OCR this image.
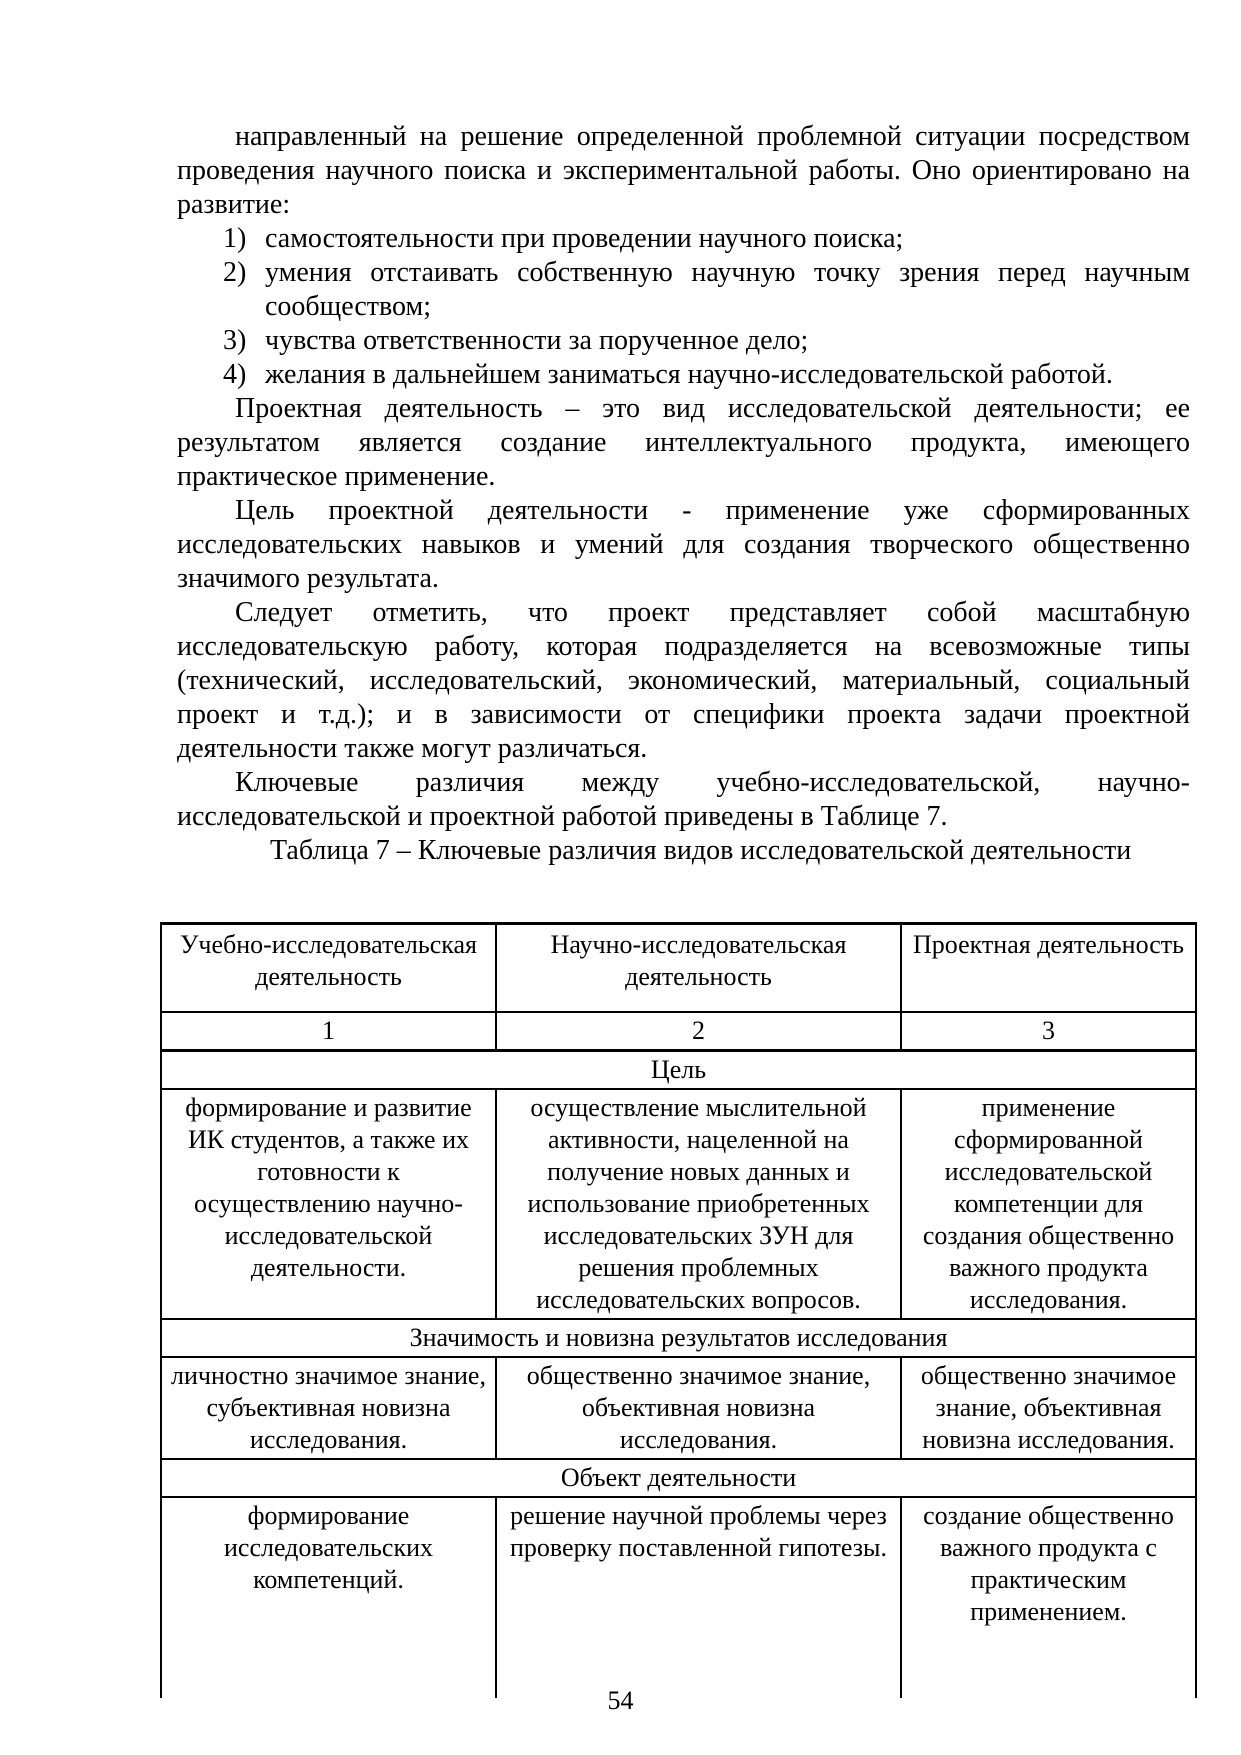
направленный на решение определенной проблемной ситуации посредством проведения научного поиска и экспериментальной работы. Оно ориентировано на развитие:

1) самостоятельности при проведении научного поиска;
2) умения отстаивать собственную научную точку зрения перед научным сообществом;
3) чувства ответственности за порученное дело;
4) желания в дальнейшем заниматься научно-исследовательской работой.

Проектная деятельность – это вид исследовательской деятельности; ее результатом является создание интеллектуального продукта, имеющего практическое применение.

Цель проектной деятельности - применение уже сформированных исследовательских навыков и умений для создания творческого общественно значимого результата.

Следует отметить, что проект представляет собой масштабную исследовательскую работу, которая подразделяется на всевозможные типы (технический, исследовательский, экономический, материальный, социальный проект и т.д.); и в зависимости от специфики проекта задачи проектной деятельности также могут различаться.

Ключевые различия между учебно-исследовательской, научно-исследовательской и проектной работой приведены в Таблице 7.

Таблица 7 – Ключевые различия видов исследовательской деятельности

Учебно-исследовательская деятельность	Научно-исследовательская деятельность	Проектная деятельность
1	2	3
Цель		
формирование и развитие ИК студентов, а также их готовности к осуществлению научно-исследовательской деятельности.	осуществление мыслительной активности, нацеленной на получение новых данных и использование приобретенных исследовательских ЗУН для решения проблемных исследовательских вопросов.	применение сформированной исследовательской компетенции для создания общественно важного продукта исследования.
Значимость и новизна результатов исследования		
личностно значимое знание, субъективная новизна исследования.	общественно значимое знание, объективная новизна исследования.	общественно значимое знание, объективная новизна исследования.
Объект деятельности		
формирование исследовательских компетенций.	решение научной проблемы через проверку поставленной гипотезы.	создание общественно важного продукта с практическим применением.
54
